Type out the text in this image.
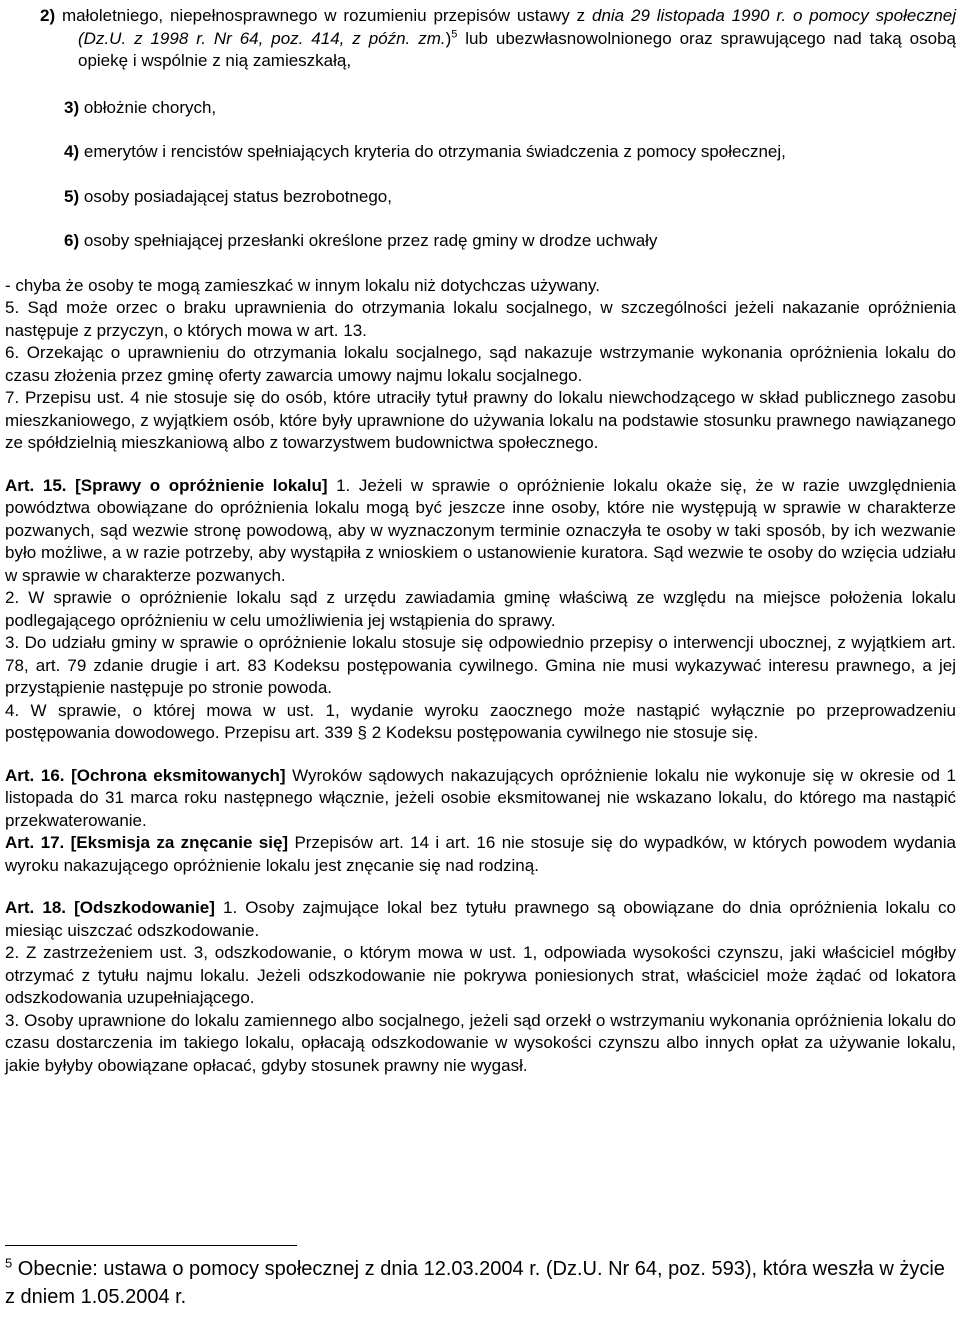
2) małoletniego, niepełnosprawnego w rozumieniu przepisów ustawy z dnia 29 listopada 1990 r. o pomocy społecznej (Dz.U. z 1998 r. Nr 64, poz. 414, z późn. zm.)$^5$ lub ubezwłasnowolnionego oraz sprawującego nad taką osobą opiekę i wspólnie z nią zamieszkałą,

3) obłożnie chorych,

4) emerytów i rencistów spełniających kryteria do otrzymania świadczenia z pomocy społecznej,

5) osoby posiadającej status bezrobotnego,

6) osoby spełniającej przesłanki określone przez radę gminy w drodze uchwały

- chyba że osoby te mogą zamieszkać w innym lokalu niż dotychczas używany.

5. Sąd może orzec o braku uprawnienia do otrzymania lokalu socjalnego, w szczególności jeżeli nakazanie opróżnienia następuje z przyczyn, o których mowa w art. 13.

6. Orzekając o uprawnieniu do otrzymania lokalu socjalnego, sąd nakazuje wstrzymanie wykonania opróżnienia lokalu do czasu złożenia przez gminę oferty zawarcia umowy najmu lokalu socjalnego.

7. Przepisu ust. 4 nie stosuje się do osób, które utraciły tytuł prawny do lokalu niewchodzącego w skład publicznego zasobu mieszkaniowego, z wyjątkiem osób, które były uprawnione do używania lokalu na podstawie stosunku prawnego nawiązanego ze spółdzielnią mieszkaniową albo z towarzystwem budownictwa społecznego.

Art. 15. [Sprawy o opróżnienie lokalu] 1. Jeżeli w sprawie o opróżnienie lokalu okaże się, że w razie uwzględnienia powództwa obowiązane do opróżnienia lokalu mogą być jeszcze inne osoby, które nie występują w sprawie w charakterze pozwanych, sąd wezwie stronę powodową, aby w wyznaczonym terminie oznaczyła te osoby w taki sposób, by ich wezwanie było możliwe, a w razie potrzeby, aby wystąpiła z wnioskiem o ustanowienie kuratora. Sąd wezwie te osoby do wzięcia udziału w sprawie w charakterze pozwanych.

2. W sprawie o opróżnienie lokalu sąd z urzędu zawiadamia gminę właściwą ze względu na miejsce położenia lokalu podlegającego opróżnieniu w celu umożliwienia jej wstąpienia do sprawy.

3. Do udziału gminy w sprawie o opróżnienie lokalu stosuje się odpowiednio przepisy o interwencji ubocznej, z wyjątkiem art. 78, art. 79 zdanie drugie i art. 83 Kodeksu postępowania cywilnego. Gmina nie musi wykazywać interesu prawnego, a jej przystąpienie następuje po stronie powoda.

4. W sprawie, o której mowa w ust. 1, wydanie wyroku zaocznego może nastąpić wyłącznie po przeprowadzeniu postępowania dowodowego. Przepisu art. 339 § 2 Kodeksu postępowania cywilnego nie stosuje się.

Art. 16. [Ochrona eksmitowanych] Wyroków sądowych nakazujących opróżnienie lokalu nie wykonuje się w okresie od 1 listopada do 31 marca roku następnego włącznie, jeżeli osobie eksmitowanej nie wskazano lokalu, do którego ma nastąpić przekwaterowanie.

Art. 17. [Eksmisja za znęcanie się] Przepisów art. 14 i art. 16 nie stosuje się do wypadków, w których powodem wydania wyroku nakazującego opróżnienie lokalu jest znęcanie się nad rodziną.

Art. 18. [Odszkodowanie] 1. Osoby zajmujące lokal bez tytułu prawnego są obowiązane do dnia opróżnienia lokalu co miesiąc uiszczać odszkodowanie.

2. Z zastrzeżeniem ust. 3, odszkodowanie, o którym mowa w ust. 1, odpowiada wysokości czynszu, jaki właściciel mógłby otrzymać z tytułu najmu lokalu. Jeżeli odszkodowanie nie pokrywa poniesionych strat, właściciel może żądać od lokatora odszkodowania uzupełniającego.

3. Osoby uprawnione do lokalu zamiennego albo socjalnego, jeżeli sąd orzekł o wstrzymaniu wykonania opróżnienia lokalu do czasu dostarczenia im takiego lokalu, opłacają odszkodowanie w wysokości czynszu albo innych opłat za używanie lokalu, jakie byłyby obowiązane opłacać, gdyby stosunek prawny nie wygasł.

$^5$ Obecnie: ustawa o pomocy społecznej z dnia 12.03.2004 r. (Dz.U. Nr 64, poz. 593), która weszła w życie z dniem 1.05.2004 r.
